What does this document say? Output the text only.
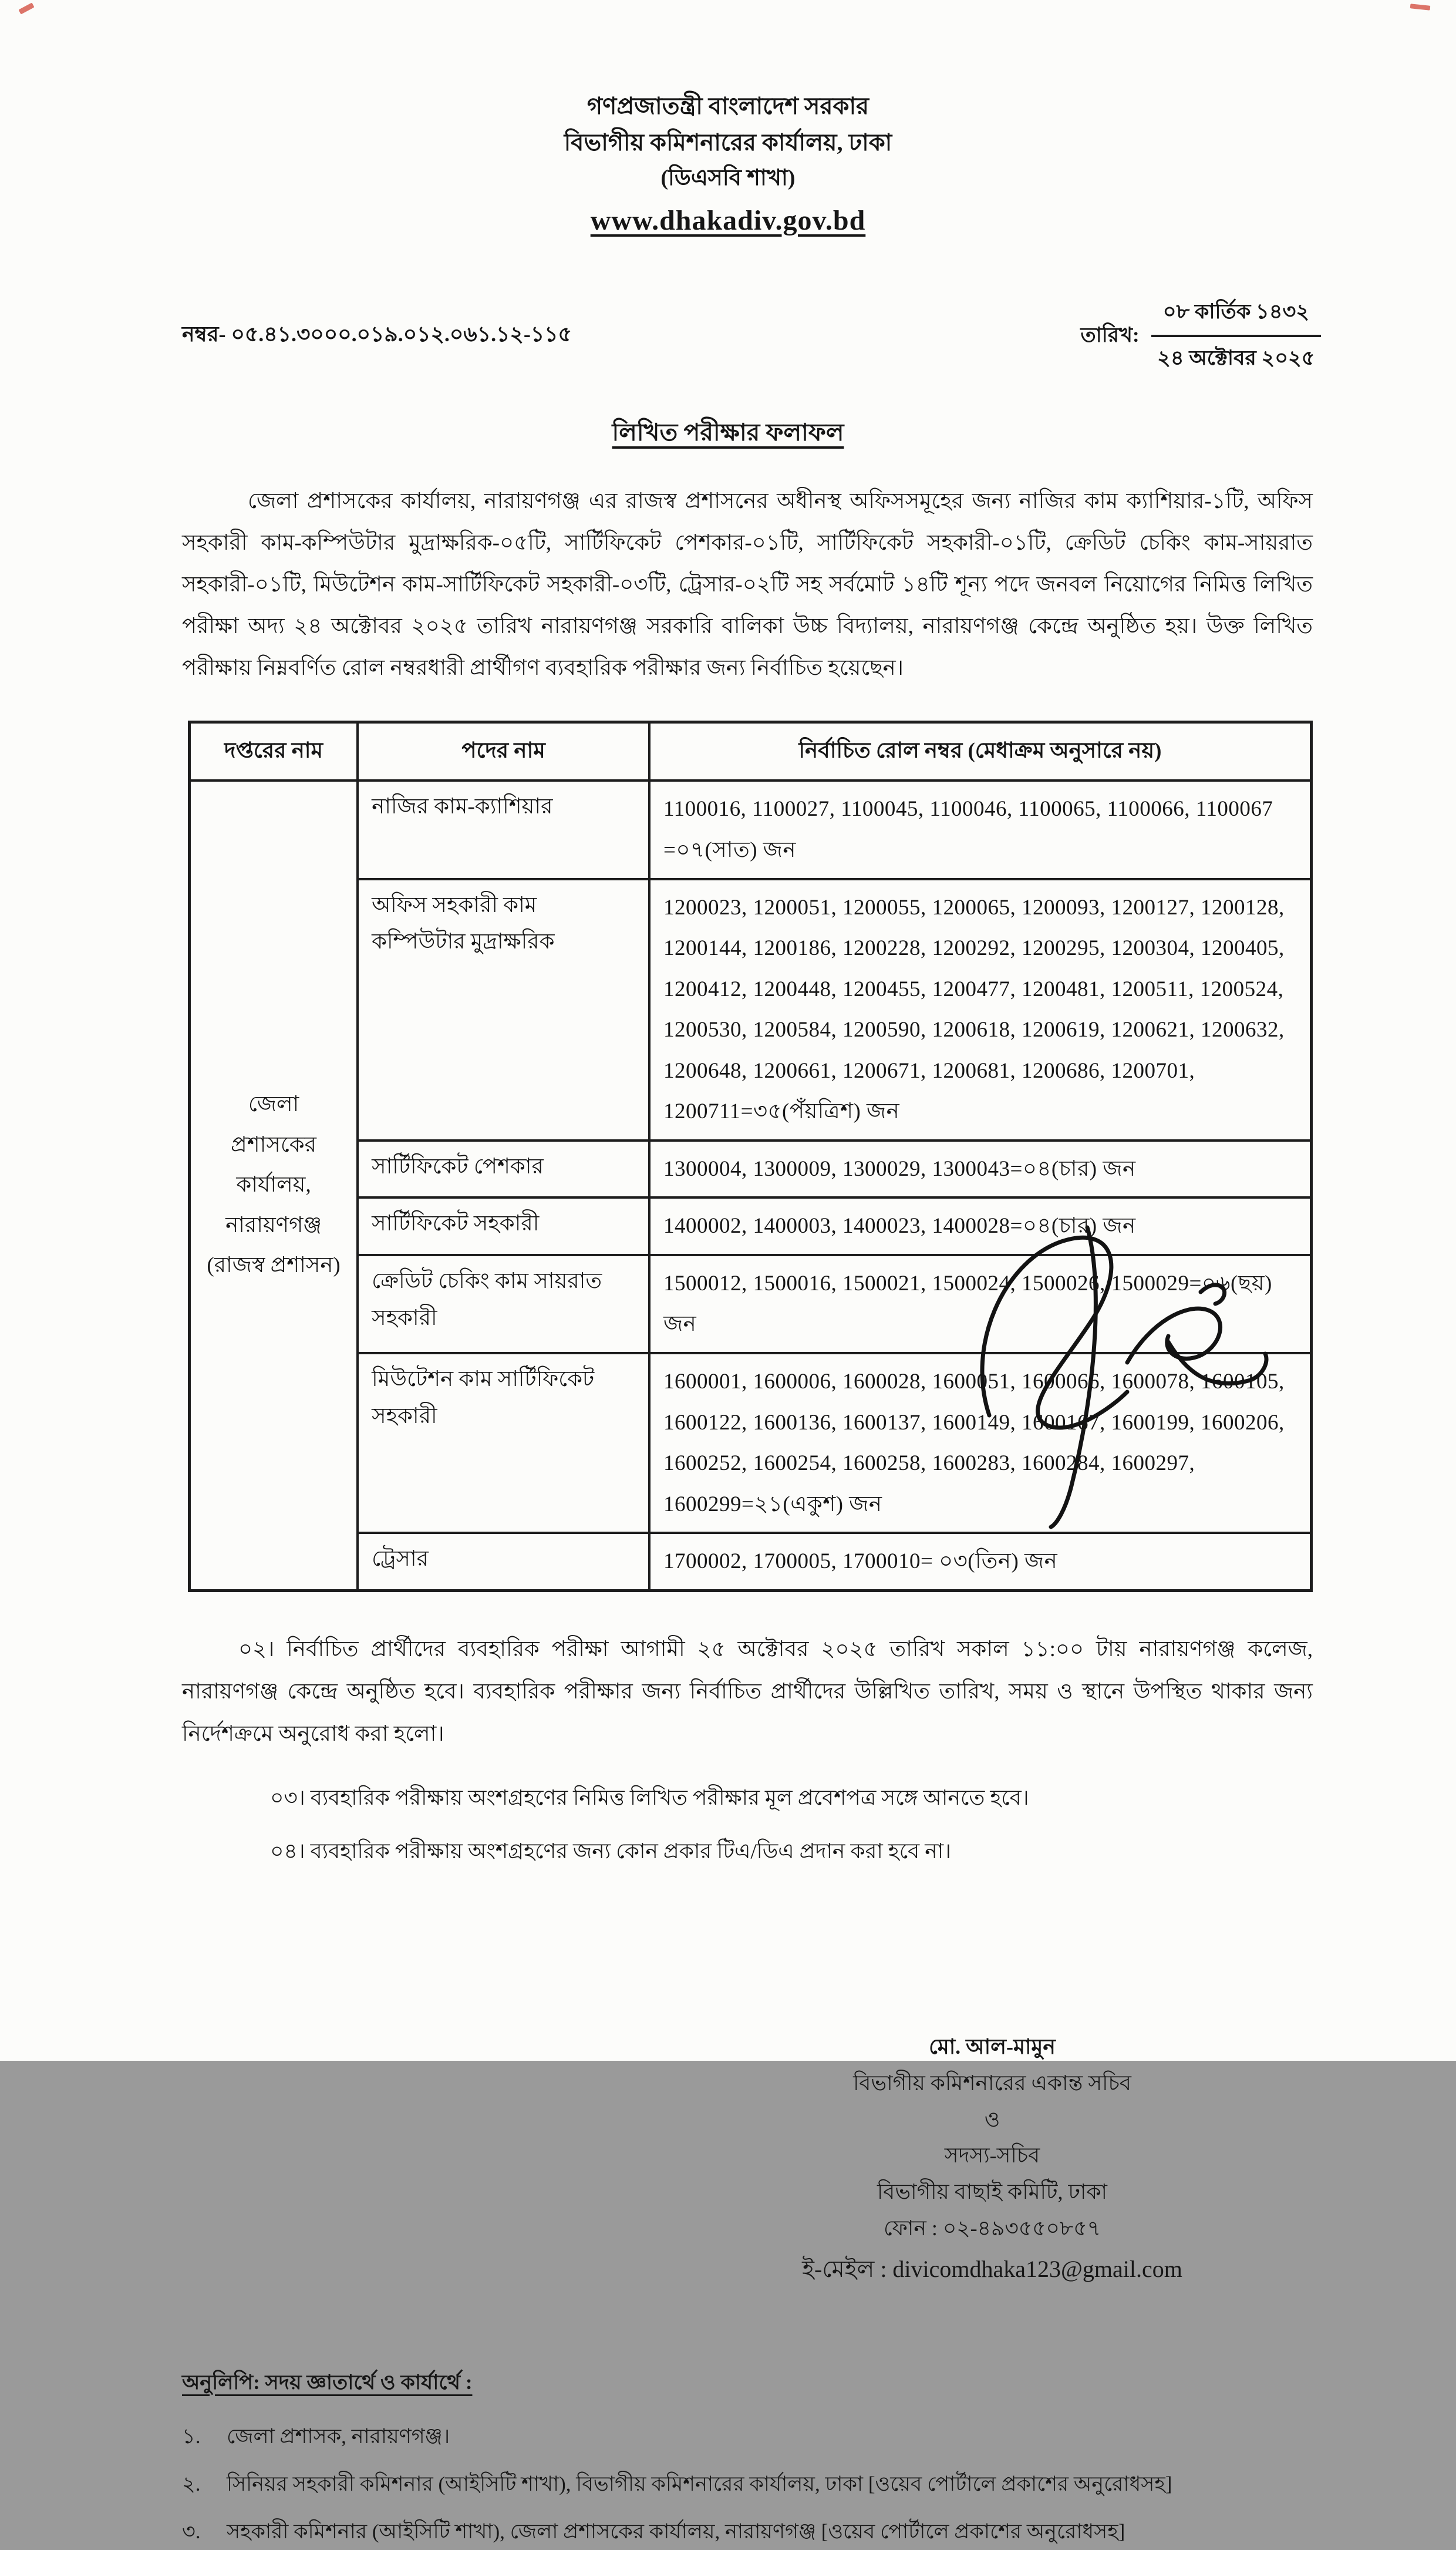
গণপ্রজাতন্ত্রী বাংলাদেশ সরকার
বিভাগীয় কমিশনারের কার্যালয়, ঢাকা
(ডিএসবি শাখা)
www.dhakadiv.gov.bd
নম্বর- ০৫.৪১.৩০০০.০১৯.০১২.০৬১.১২-১১৫	তারিখ:
০৮ কার্তিক ১৪৩২
২৪ অক্টোবর ২০২৫
লিখিত পরীক্ষার ফলাফল

জেলা প্রশাসকের কার্যালয়, নারায়ণগঞ্জ এর রাজস্ব প্রশাসনের অধীনস্থ অফিসসমূহের জন্য নাজির কাম ক্যাশিয়ার-১টি, অফিস সহকারী কাম-কম্পিউটার মুদ্রাক্ষরিক-০৫টি, সার্টিফিকেট পেশকার-০১টি, সার্টিফিকেট সহকারী-০১টি, ক্রেডিট চেকিং কাম-সায়রাত সহকারী-০১টি, মিউটেশন কাম-সার্টিফিকেট সহকারী-০৩টি, ট্রেসার-০২টি সহ সর্বমোট ১৪টি শূন্য পদে জনবল নিয়োগের নিমিত্ত লিখিত পরীক্ষা অদ্য ২৪ অক্টোবর ২০২৫ তারিখ নারায়ণগঞ্জ সরকারি বালিকা উচ্চ বিদ্যালয়, নারায়ণগঞ্জ কেন্দ্রে অনুষ্ঠিত হয়। উক্ত লিখিত পরীক্ষায় নিম্নবর্ণিত রোল নম্বরধারী প্রার্থীগণ ব্যবহারিক পরীক্ষার জন্য নির্বাচিত হয়েছেন।

দপ্তরের নাম	পদের নাম	নির্বাচিত রোল নম্বর (মেধাক্রম অনুসারে নয়)
জেলা প্রশাসকের কার্যালয়, নারায়ণগঞ্জ (রাজস্ব প্রশাসন)	নাজির কাম-ক্যাশিয়ার	1100016, 1100027, 1100045, 1100046, 1100065, 1100066, 1100067 =০৭(সাত) জন
	অফিস সহকারী কাম কম্পিউটার মুদ্রাক্ষরিক	1200023, 1200051, 1200055, 1200065, 1200093, 1200127, 1200128, 1200144, 1200186, 1200228, 1200292, 1200295, 1200304, 1200405, 1200412, 1200448, 1200455, 1200477, 1200481, 1200511, 1200524, 1200530, 1200584, 1200590, 1200618, 1200619, 1200621, 1200632, 1200648, 1200661, 1200671, 1200681, 1200686, 1200701, 1200711=৩৫(পঁয়ত্রিশ) জন
	সার্টিফিকেট পেশকার	1300004, 1300009, 1300029, 1300043=০৪(চার) জন
	সার্টিফিকেট সহকারী	1400002, 1400003, 1400023, 1400028=০৪(চার) জন
	ক্রেডিট চেকিং কাম সায়রাত সহকারী	1500012, 1500016, 1500021, 1500024, 1500026, 1500029=০৬(ছয়) জন
	মিউটেশন কাম সার্টিফিকেট সহকারী	1600001, 1600006, 1600028, 1600051, 1600066, 1600078, 1600105, 1600122, 1600136, 1600137, 1600149, 1600167, 1600199, 1600206, 1600252, 1600254, 1600258, 1600283, 1600284, 1600297, 1600299=২১(একুশ) জন
	ট্রেসার	1700002, 1700005, 1700010= ০৩(তিন) জন

০২। নির্বাচিত প্রার্থীদের ব্যবহারিক পরীক্ষা আগামী ২৫ অক্টোবর ২০২৫ তারিখ সকাল ১১:০০ টায় নারায়ণগঞ্জ কলেজ, নারায়ণগঞ্জ কেন্দ্রে অনুষ্ঠিত হবে। ব্যবহারিক পরীক্ষার জন্য নির্বাচিত প্রার্থীদের উল্লিখিত তারিখ, সময় ও স্থানে উপস্থিত থাকার জন্য নির্দেশক্রমে অনুরোধ করা হলো।

০৩। ব্যবহারিক পরীক্ষায় অংশগ্রহণের নিমিত্ত লিখিত পরীক্ষার মূল প্রবেশপত্র সঙ্গে আনতে হবে।

০৪। ব্যবহারিক পরীক্ষায় অংশগ্রহণের জন্য কোন প্রকার টিএ/ডিএ প্রদান করা হবে না।

মো. আল-মামুন
বিভাগীয় কমিশনারের একান্ত সচিব
ও
সদস্য-সচিব
বিভাগীয় বাছাই কমিটি, ঢাকা
ফোন : ০২-৪৯৩৫৫০৮৫৭
ই-মেইল : divicomdhaka123@gmail.com
অনুলিপি: সদয় জ্ঞাতার্থে ও কার্যার্থে :
১.	জেলা প্রশাসক, নারায়ণগঞ্জ।
২. সিনিয়র সহকারী কমিশনার (আইসিটি শাখা), বিভাগীয় কমিশনারের কার্যালয়, ঢাকা [ওয়েব পোর্টালে প্রকাশের অনুরোধসহ]
৩. সহকারী কমিশনার (আইসিটি শাখা), জেলা প্রশাসকের কার্যালয়, নারায়ণগঞ্জ [ওয়েব পোর্টালে প্রকাশের অনুরোধসহ]
